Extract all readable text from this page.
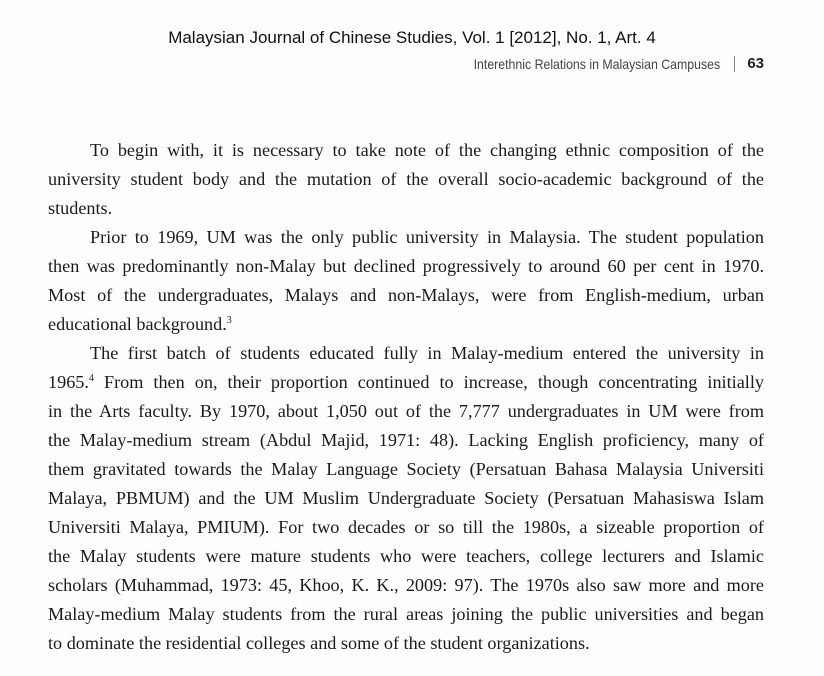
Malaysian Journal of Chinese Studies, Vol. 1 [2012], No. 1, Art. 4
Interethnic Relations in Malaysian Campuses 63
To begin with, it is necessary to take note of the changing ethnic composition of the
university student body and the mutation of the overall socio-academic background of the
students.
Prior to 1969, UM was the only public university in Malaysia. The student population
then was predominantly non-Malay but declined progressively to around 60 per cent in 1970.
Most of the undergraduates, Malays and non-Malays, were from English-medium, urban
educational background.$^3$
The first batch of students educated fully in Malay-medium entered the university in
1965.$^4$ From then on, their proportion continued to increase, though concentrating initially
in the Arts faculty. By 1970, about 1,050 out of the 7,777 undergraduates in UM were from
the Malay-medium stream (Abdul Majid, 1971: 48). Lacking English proficiency, many of
them gravitated towards the Malay Language Society (Persatuan Bahasa Malaysia Universiti
Malaya, PBMUM) and the UM Muslim Undergraduate Society (Persatuan Mahasiswa Islam
Universiti Malaya, PMIUM). For two decades or so till the 1980s, a sizeable proportion of
the Malay students were mature students who were teachers, college lecturers and Islamic
scholars (Muhammad, 1973: 45, Khoo, K. K., 2009: 97). The 1970s also saw more and more
Malay-medium Malay students from the rural areas joining the public universities and began
to dominate the residential colleges and some of the student organizations.
